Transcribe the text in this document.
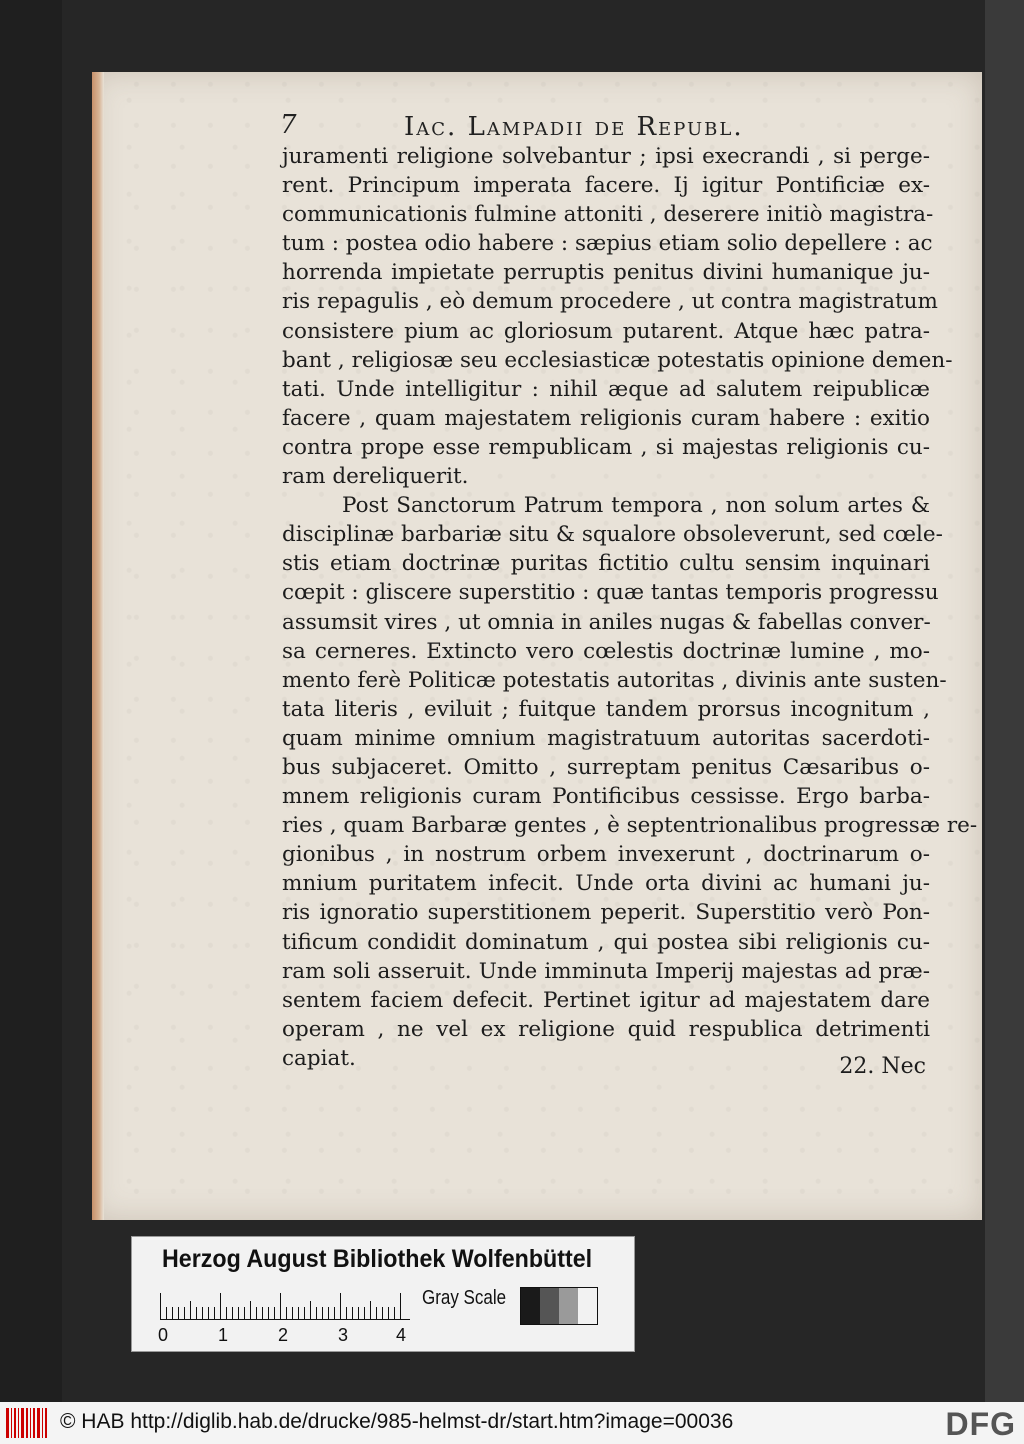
7	Iac. Lampadii de Republ.
juramenti religione solvebantur ; ipsi execrandi , si perge-
rent. Principum imperata facere. Ij igitur Pontificiæ ex-
communicationis fulmine attoniti , deserere initiò magistra-
tum : postea odio habere : sæpius etiam solio depellere : ac
horrenda impietate perruptis penitus divini humanique ju-
ris repagulis , eò demum procedere , ut contra magistratum
consistere pium ac gloriosum putarent. Atque hæc patra-
bant , religiosæ seu ecclesiasticæ potestatis opinione demen-
tati. Unde intelligitur : nihil æque ad salutem reipublicæ
facere , quam majestatem religionis curam habere : exitio
contra prope esse rempublicam , si majestas religionis cu-
ram dereliquerit.
Post Sanctorum Patrum tempora , non solum artes &
disciplinæ barbariæ situ & squalore obsoleverunt, sed cœle-
stis etiam doctrinæ puritas fictitio cultu sensim inquinari
cœpit : gliscere superstitio : quæ tantas temporis progressu
assumsit vires , ut omnia in aniles nugas & fabellas conver-
sa cerneres. Extincto vero cœlestis doctrinæ lumine , mo-
mento ferè Politicæ potestatis autoritas , divinis ante susten-
tata literis , eviluit ; fuitque tandem prorsus incognitum ,
quam minime omnium magistratuum autoritas sacerdoti-
bus subjaceret. Omitto , surreptam penitus Cæsaribus o-
mnem religionis curam Pontificibus cessisse. Ergo barba-
ries , quam Barbaræ gentes , è septentrionalibus progressæ re-
gionibus , in nostrum orbem invexerunt , doctrinarum o-
mnium puritatem infecit. Unde orta divini ac humani ju-
ris ignoratio superstitionem peperit. Superstitio verò Pon-
tificum condidit dominatum , qui postea sibi religionis cu-
ram soli asseruit. Unde imminuta Imperij majestas ad præ-
sentem faciem defecit. Pertinet igitur ad majestatem dare
operam , ne vel ex religione quid respublica detrimenti
capiat.	22. Nec
Herzog August Bibliothek Wolfenbüttel
0	1	2	3	4
Gray Scale
© HAB http://diglib.hab.de/drucke/985-helmst-dr/start.htm?image=00036	DFG
